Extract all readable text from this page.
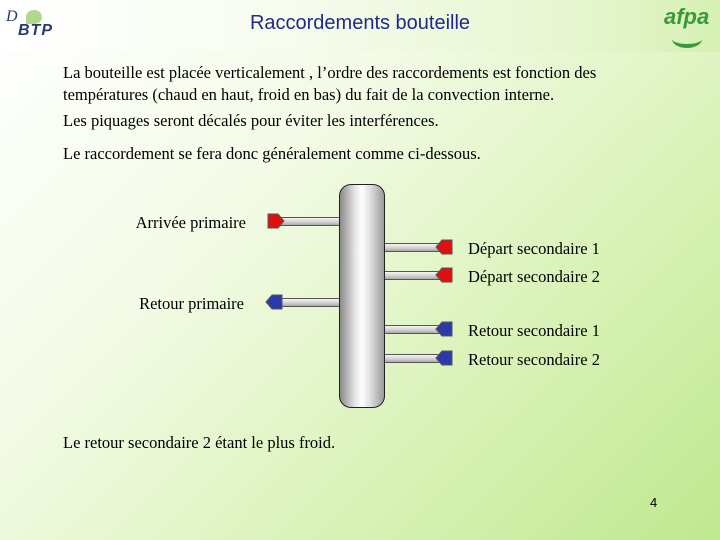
D
BTP	Raccordements bouteille	afpa
La bouteille est placée verticalement , l’ordre des raccordements est fonction des températures (chaud en haut, froid en bas) du fait de la convection interne.
Les piquages seront décalés pour éviter les interférences.
Le raccordement se fera donc généralement comme ci-dessous.
Arrivée primaire
Départ secondaire 1
Départ secondaire 2
Retour primaire
Retour secondaire 1
Retour secondaire 2
Le retour secondaire 2 étant le plus froid.
4
